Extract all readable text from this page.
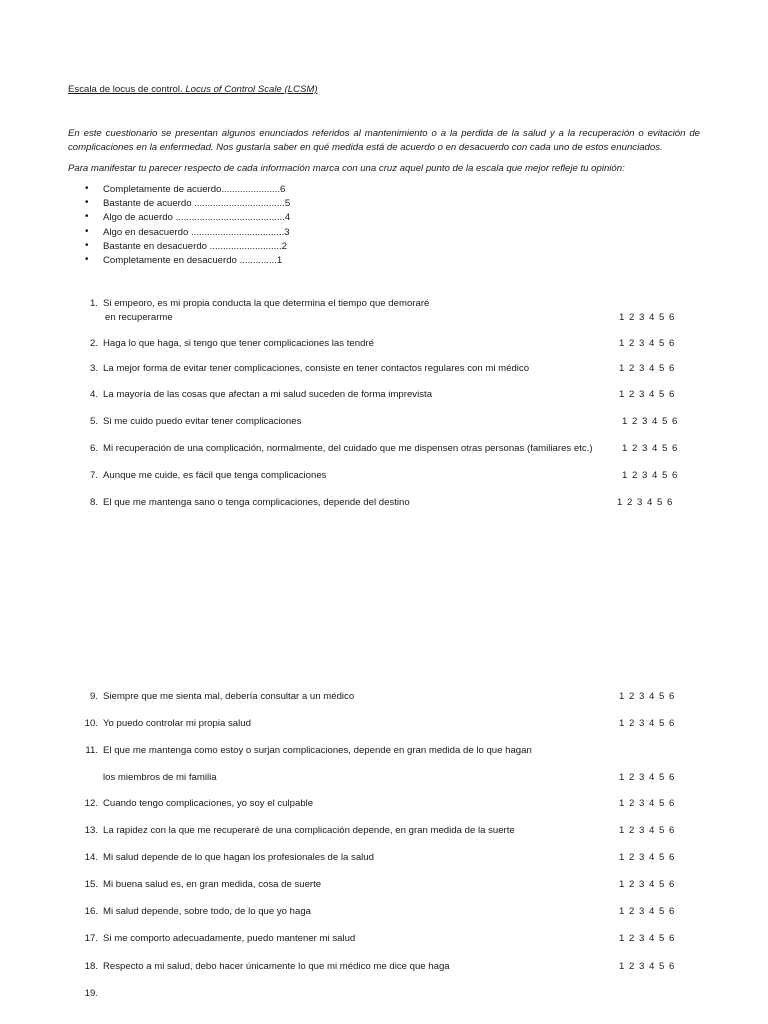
Escala de locus de control. Locus of Control Scale (LCSM)
En este cuestionario se presentan algunos enunciados referidos al mantenimiento o a la perdida de la salud y a la recuperación o evitación de complicaciones en la enfermedad. Nos gustaría saber en qué medida está de acuerdo o en desacuerdo con cada uno de estos enunciados.
Para manifestar tu parecer respecto de cada información marca con una cruz aquel punto de la escala que mejor refleje tu opinión:
• Completamente de acuerdo......................6
• Bastante de acuerdo ..................................5
• Algo de acuerdo .........................................4
• Algo en desacuerdo ...................................3
• Bastante en desacuerdo ...........................2
• Completamente en desacuerdo ..............1
1. Si empeoro, es mi propia conducta la que determina el tiempo que demoraré
en recuperarme	1 2 3 4 5 6
2. Haga lo que haga, si tengo que tener complicaciones las tendré	1 2 3 4 5 6
3. La mejor forma de evitar tener complicaciones, consiste en tener contactos regulares con mi médico	1 2 3 4 5 6
4. La mayoría de las cosas que afectan a mi salud suceden de forma imprevista	1 2 3 4 5 6
5. Si me cuido puedo evitar tener complicaciones	1 2 3 4 5 6
6. Mi recuperación de una complicación, normalmente, del cuidado que me dispensen otras personas (familiares etc.)	1 2 3 4 5 6
7. Aunque me cuide, es fácil que tenga complicaciones	1 2 3 4 5 6
8. El que me mantenga sano o tenga complicaciones, depende del destino	1 2 3 4 5 6
9. Siempre que me sienta mal, debería consultar a un médico	1 2 3 4 5 6
10. Yo puedo controlar mi propia salud	1 2 3 4 5 6
11. El que me mantenga como estoy o surjan complicaciones, depende en gran medida de lo que hagan
los miembros de mi familia	1 2 3 4 5 6
12. Cuando tengo complicaciones, yo soy el culpable	1 2 3 4 5 6
13. La rapidez con la que me recuperaré de una complicación depende, en gran medida de la suerte	1 2 3 4 5 6
14. Mi salud depende de lo que hagan los profesionales de la salud	1 2 3 4 5 6
15. Mi buena salud es, en gran medida, cosa de suerte	1 2 3 4 5 6
16. Mi salud depende, sobre todo, de lo que yo haga	1 2 3 4 5 6
17. Si me comporto adecuadamente, puedo mantener mi salud	1 2 3 4 5 6
18. Respecto a mi salud, debo hacer únicamente lo que mi médico me dice que haga	1 2 3 4 5 6
19.
